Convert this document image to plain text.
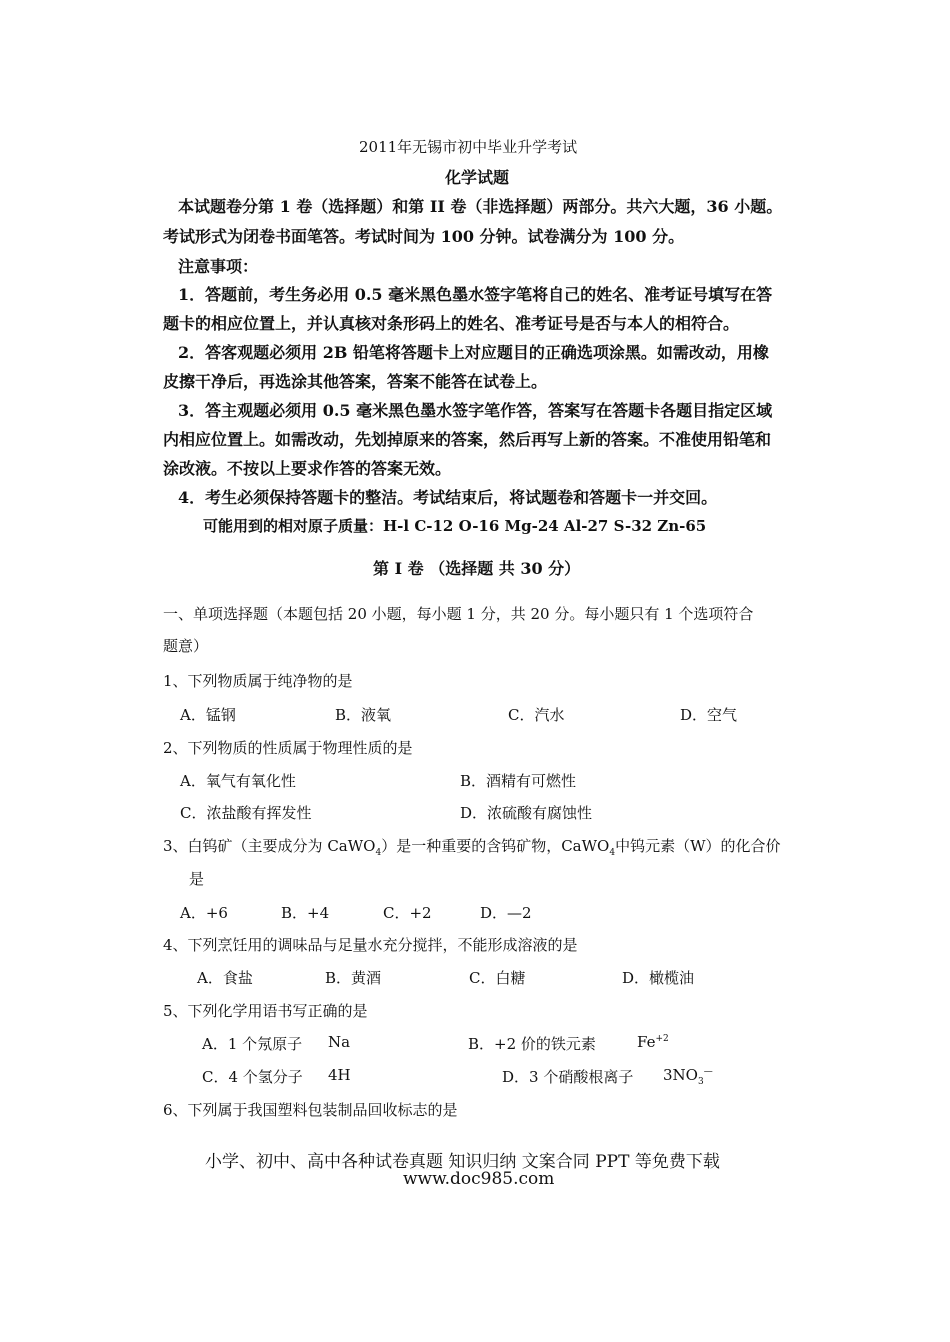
2011年无锡市初中毕业升学考试
化学试题
本试题卷分第 1 卷（选择题）和第 II 卷（非选择题）两部分。共六大题，36 小题。
考试形式为闭卷书面笔答。考试时间为 100 分钟。试卷满分为 100 分。
注意事项：
1．答题前，考生务必用 0.5 毫米黑色墨水签字笔将自己的姓名、准考证号填写在答
题卡的相应位置上，并认真核对条形码上的姓名、准考证号是否与本人的相符合。
2．答客观题必须用 2B 铅笔将答题卡上对应题目的正确选项涂黑。如需改动，用橡
皮擦干净后，再选涂其他答案，答案不能答在试卷上。
3．答主观题必须用 0.5 毫米黑色墨水签字笔作答，答案写在答题卡各题目指定区域
内相应位置上。如需改动，先划掉原来的答案，然后再写上新的答案。不准使用铅笔和
涂改液。不按以上要求作答的答案无效。
4．考生必须保持答题卡的整洁。考试结束后，将试题卷和答题卡一并交回。
可能用到的相对原子质量：H-l C-12 O-16 Mg-24 Al-27 S-32 Zn-65
第 I 卷 （选择题 共 30 分）
一、单项选择题（本题包括 20 小题，每小题 1 分，共 20 分。每小题只有 1 个选项符合
题意）
1、下列物质属于纯净物的是
A．锰钢	B．液氧	C．汽水	D．空气
2、下列物质的性质属于物理性质的是
A．氧气有氧化性	B．酒精有可燃性
C．浓盐酸有挥发性	D．浓硫酸有腐蚀性
3、白钨矿（主要成分为 CaWO$_4$）是一种重要的含钨矿物，CaWO$_4$中钨元素（W）的化合价
是
A．+6	B．+4	C．+2	D．—2
4、下列烹饪用的调味品与足量水充分搅拌，不能形成溶液的是
A．食盐	B．黄酒	C．白糖	D．橄榄油
5、下列化学用语书写正确的是
A．1 个氖原子 Na	B．+2 价的铁元素	$Fe^{+2}$
C．4 个氢分子 4H	D．3 个硝酸根离子 $3NO_3^—$
6、下列属于我国塑料包装制品回收标志的是
小学、初中、高中各种试卷真题 知识归纳 文案合同 PPT 等免费下载
www.doc985.com
